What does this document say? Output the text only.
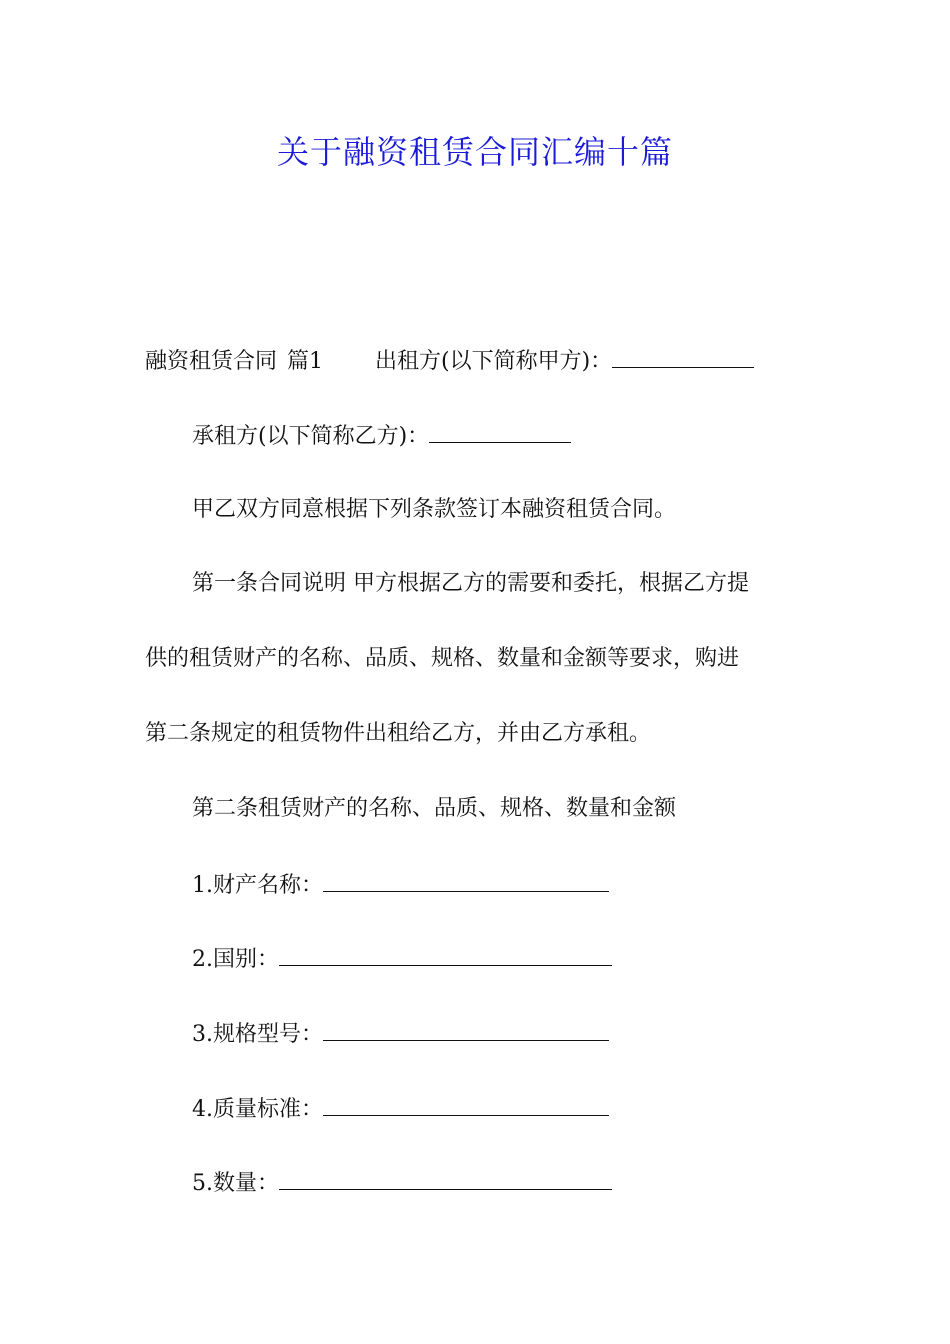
关于融资租赁合同汇编十篇
融资租赁合同 篇1 出租方(以下简称甲方)：
承租方(以下简称乙方)：
甲乙双方同意根据下列条款签订本融资租赁合同。
第一条合同说明 甲方根据乙方的需要和委托，根据乙方提
供的租赁财产的名称、品质、规格、数量和金额等要求，购进
第二条规定的租赁物件出租给乙方，并由乙方承租。
第二条租赁财产的名称、品质、规格、数量和金额
1.财产名称：
2.国别：
3.规格型号：
4.质量标准：
5.数量：
